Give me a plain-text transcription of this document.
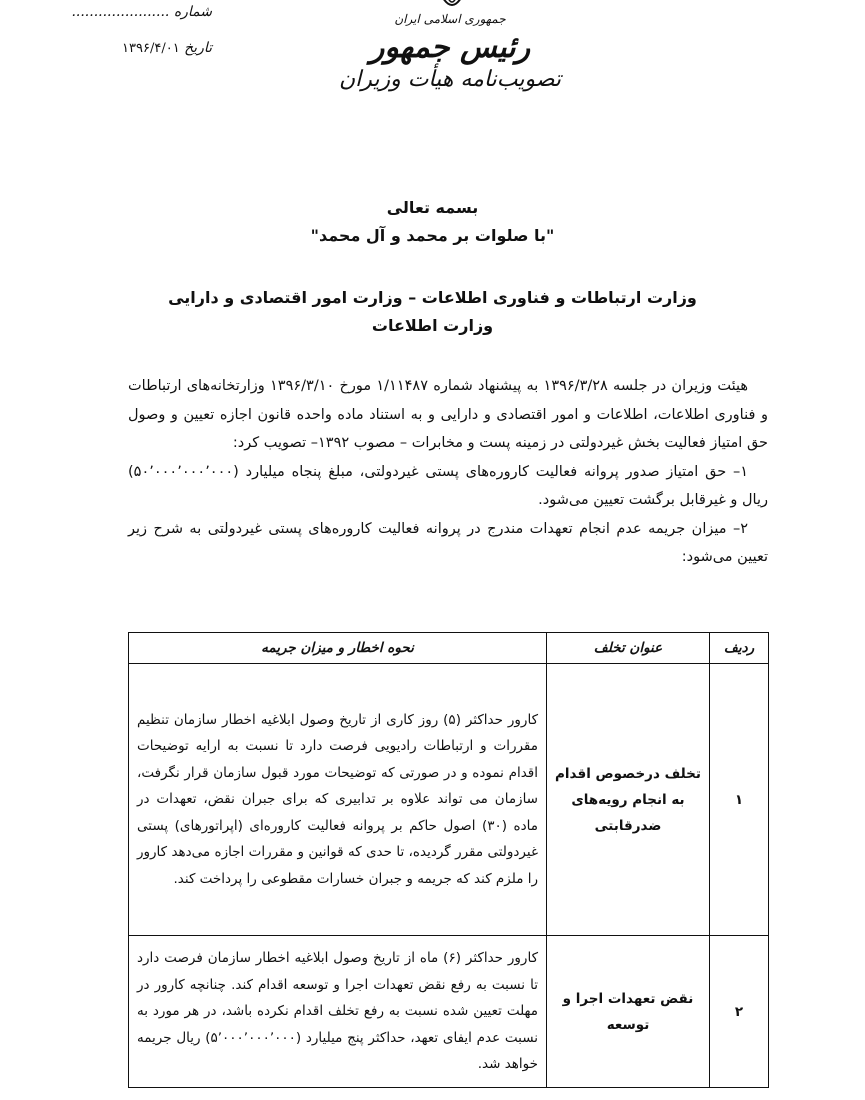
شماره ......................
تاریخ ۱۳۹۶/۴/۰۱
جمهوری اسلامی ایران
رئیس جمهور
تصویب‌نامه هیأت وزیران
بسمه تعالی
"با صلوات بر محمد و آل محمد"
وزارت ارتباطات و فناوری اطلاعات – وزارت امور اقتصادی و دارایی
وزارت اطلاعات

هیئت وزیران در جلسه ۱۳۹۶/۳/۲۸ به پیشنهاد شماره ۱/۱۱۴۸۷ مورخ ۱۳۹۶/۳/۱۰ وزارتخانه‌های ارتباطات و فناوری اطلاعات، اطلاعات و امور اقتصادی و دارایی و به استناد ماده واحده قانون اجازه تعیین و وصول حق امتیاز فعالیت بخش غیردولتی در زمینه پست و مخابرات – مصوب ۱۳۹۲– تصویب کرد:

۱– حق امتیاز صدور پروانه فعالیت کاروره‌های پستی غیردولتی، مبلغ پنجاه میلیارد (۵۰٬۰۰۰٬۰۰۰٬۰۰۰) ریال و غیرقابل برگشت تعیین می‌شود.

۲– میزان جریمه عدم انجام تعهدات مندرج در پروانه فعالیت کاروره‌های پستی غیردولتی به شرح زیر تعیین می‌شود:

ردیف	عنوان تخلف	نحوه اخطار و میزان جریمه
۱	تخلف درخصوص اقدام به انجام رویه‌های ضدرقابتی	کارور حداکثر (۵) روز کاری از تاریخ وصول ابلاغیه اخطار سازمان تنظیم مقررات و ارتباطات رادیویی فرصت دارد تا نسبت به ارایه توضیحات اقدام نموده و در صورتی که توضیحات مورد قبول سازمان قرار نگرفت، سازمان می تواند علاوه بر تدابیری که برای جبران نقض، تعهدات در ماده (۳۰) اصول حاکم بر پروانه فعالیت کاروره‌ای (اپراتورهای) پستی غیردولتی مقرر گردیده، تا حدی که قوانین و مقررات اجازه می‌دهد کارور را ملزم کند که جریمه و جبران خسارات مقطوعی را پرداخت کند.
۲	نقض تعهدات اجرا و توسعه	کارور حداکثر (۶) ماه از تاریخ وصول ابلاغیه اخطار سازمان فرصت دارد تا نسبت به رفع نقض تعهدات اجرا و توسعه اقدام کند. چنانچه کارور در مهلت تعیین شده نسبت به رفع تخلف اقدام نکرده باشد، در هر مورد به نسبت عدم ایفای تعهد، حداکثر پنج میلیارد (۵٬۰۰۰٬۰۰۰٬۰۰۰) ریال جریمه خواهد شد.
